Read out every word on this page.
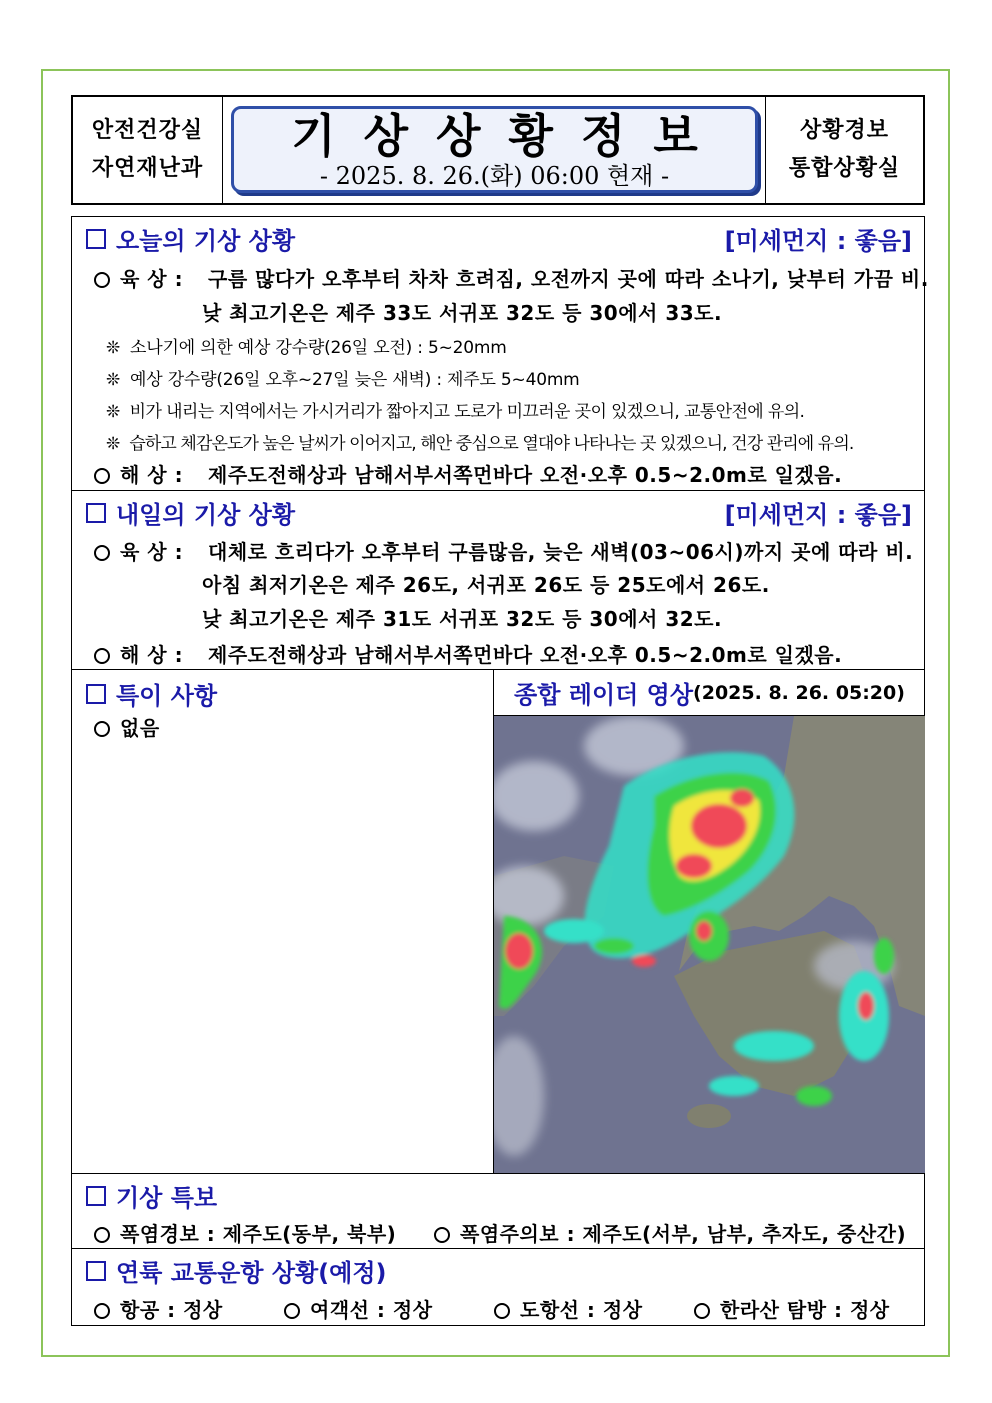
안전건강실
자연재난과
기상상황정보
- 2025. 8. 26.(화) 06:00 현재 -
상황경보
통합상황실
오늘의 기상 상황	[미세먼지 : 좋음]
육 상 : 구름 많다가 오후부터 차차 흐려짐, 오전까지 곳에 따라 소나기, 낮부터 가끔 비.
낮 최고기온은 제주 33도 서귀포 32도 등 30에서 33도.
❊ 소나기에 의한 예상 강수량(26일 오전) : 5~20mm
❊ 예상 강수량(26일 오후~27일 늦은 새벽) : 제주도 5~40mm
❊ 비가 내리는 지역에서는 가시거리가 짧아지고 도로가 미끄러운 곳이 있겠으니, 교통안전에 유의.
❊ 습하고 체감온도가 높은 날씨가 이어지고, 해안 중심으로 열대야 나타나는 곳 있겠으니, 건강 관리에 유의.
해 상 : 제주도전해상과 남해서부서쪽먼바다 오전·오후 0.5~2.0m로 일겠음.
내일의 기상 상황	[미세먼지 : 좋음]
육 상 : 대체로 흐리다가 오후부터 구름많음, 늦은 새벽(03~06시)까지 곳에 따라 비.
아침 최저기온은 제주 26도, 서귀포 26도 등 25도에서 26도.
낮 최고기온은 제주 31도 서귀포 32도 등 30에서 32도.
해 상 : 제주도전해상과 남해서부서쪽먼바다 오전·오후 0.5~2.0m로 일겠음.
특이 사항
없음
종합 레이더 영상 (2025. 8. 26. 05:20)
기상 특보
폭염경보 : 제주도(동부, 북부)	폭염주의보 : 제주도(서부, 남부, 추자도, 중산간)
연륙 교통운항 상황(예정)
항공 : 정상	여객선 : 정상	도항선 : 정상	한라산 탐방 : 정상
